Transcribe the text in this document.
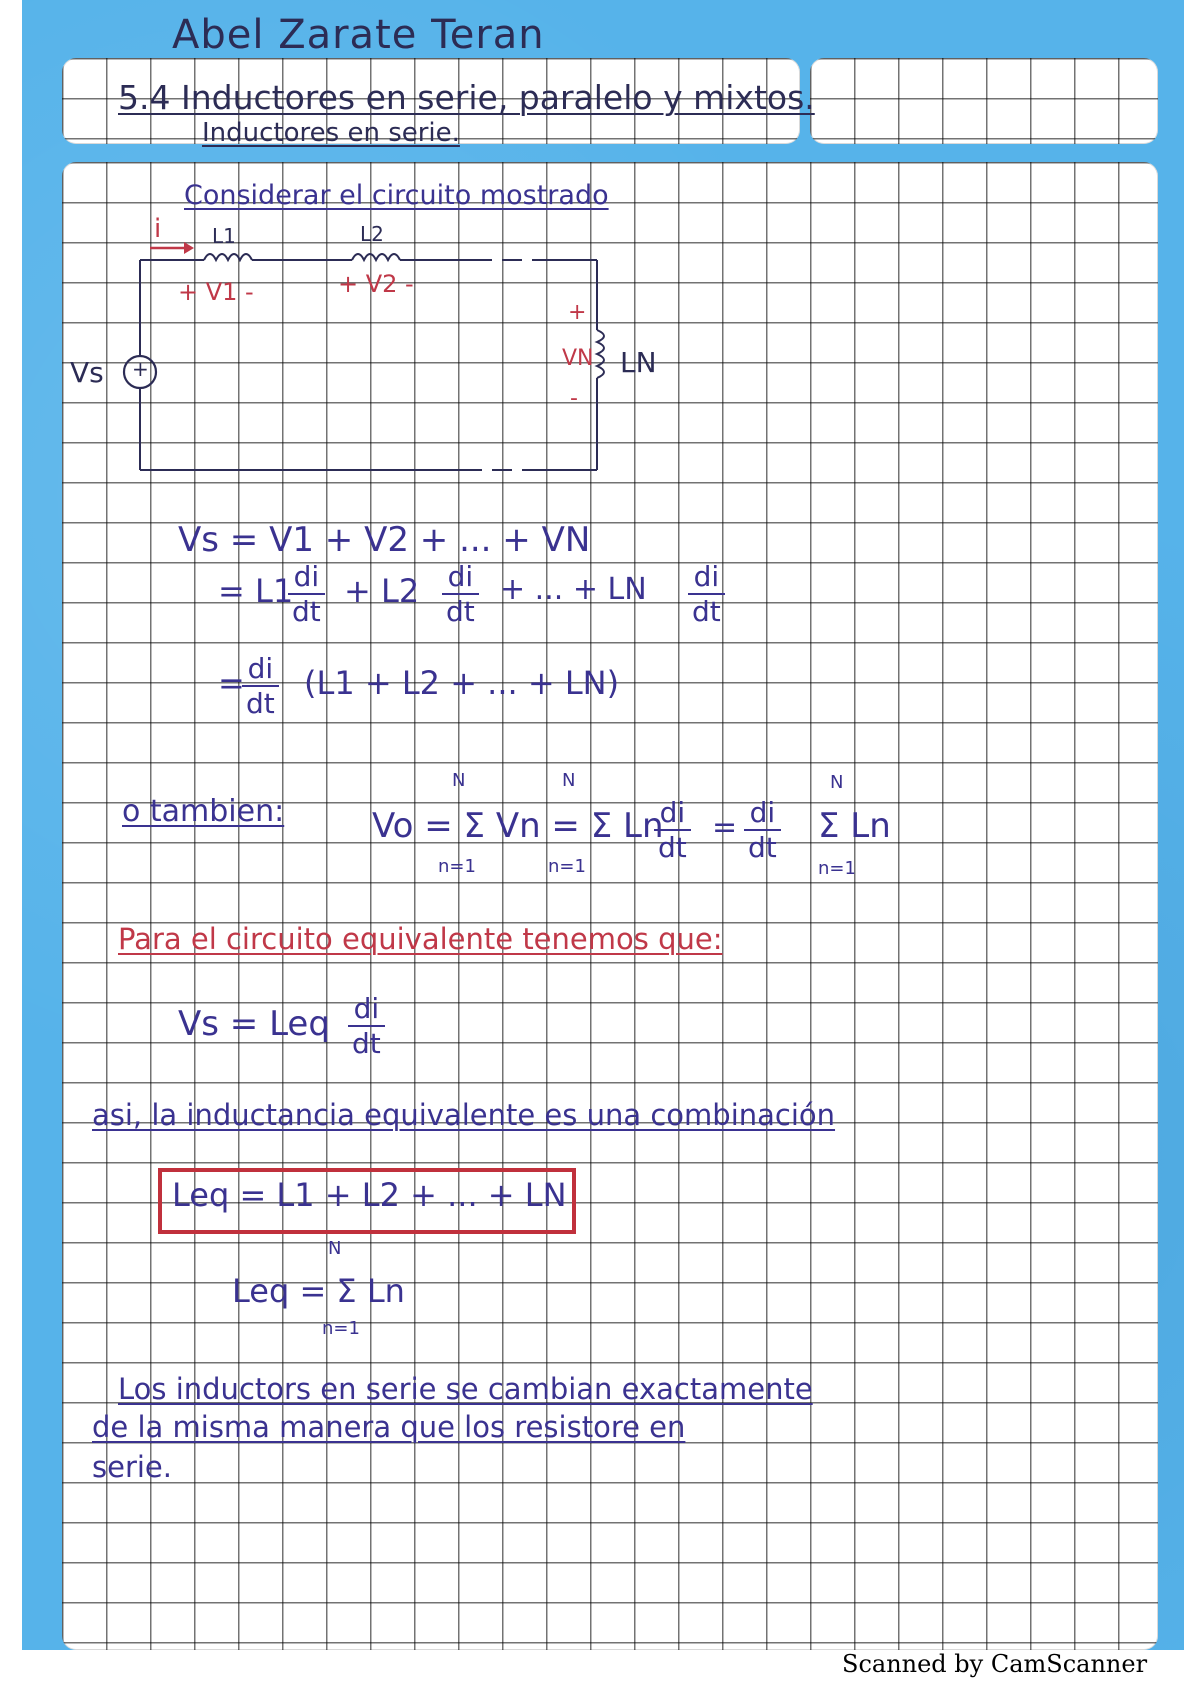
Abel Zarate Teran
5.4 Inductores en serie, paralelo y mixtos.
Inductores en serie.
Considerar el circuito mostrado
i	L1	L2
+ V1 -	+ V2 -
Vs +
+
VN
-
LN
Vs = V1 + V2 + ... + VN
= L1
$\frac{di}{dt} + L2 \frac{di}{dt}$ + ... + LN $\frac{di}{dt}$
=
$\frac{di}{dt} (L1 + L2$ + ... + LN)
o tambien:
N	N
Vo = Σ Vn = Σ Ln
n=1	n=1
$\frac{di}{dt} = \frac{di}{dt}$
N
Σ Ln
n=1
Para el circuito equivalente tenemos que:
Vs = Leq $\frac{di}{dt}$
asi, la inductancia equivalente es una combinación
Leq = L1 + L2 + ... + LN
N
Leq = Σ Ln
n=1
Los inductors en serie se cambian exactamente
de la misma manera que los resistore en
serie.
Scanned by CamScanner
